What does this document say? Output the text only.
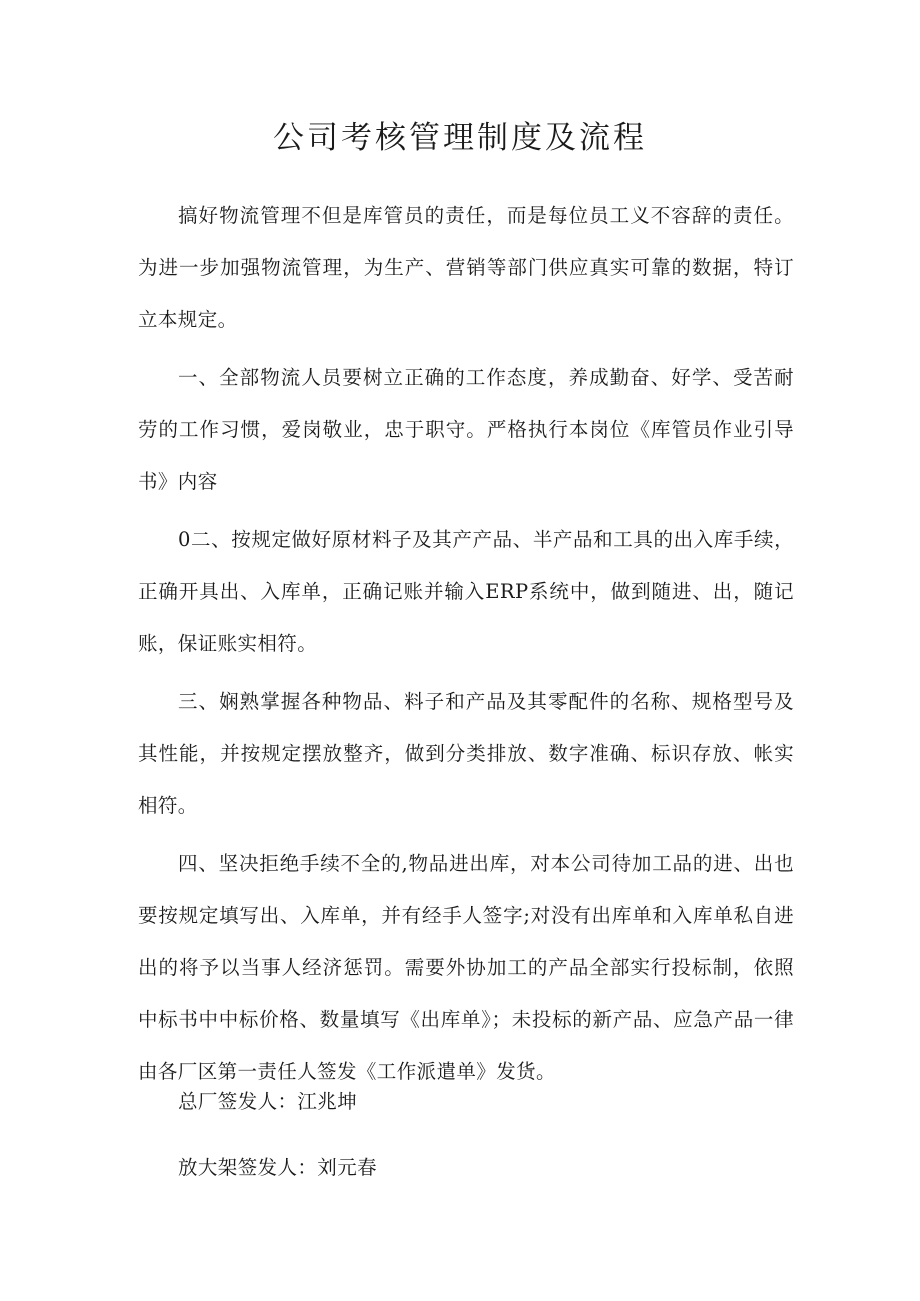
公司考核管理制度及流程

搞好物流管理不但是库管员的责任，而是每位员工义不容辞的责任。为进一步加强物流管理，为生产、营销等部门供应真实可靠的数据，特订立本规定。

一、全部物流人员要树立正确的工作态度，养成勤奋、好学、受苦耐劳的工作习惯，爱岗敬业，忠于职守。严格执行本岗位《库管员作业引导书》内容

0二、按规定做好原材料子及其产产品、半产品和工具的出入库手续，正确开具出、入库单，正确记账并输入ERP系统中，做到随进、出，随记账，保证账实相符。

三、娴熟掌握各种物品、料子和产品及其零配件的名称、规格型号及其性能，并按规定摆放整齐，做到分类排放、数字准确、标识存放、帐实相符。

四、坚决拒绝手续不全的,物品进出库，对本公司待加工品的进、出也要按规定填写出、入库单，并有经手人签字;对没有出库单和入库单私自进出的将予以当事人经济惩罚。需要外协加工的产品全部实行投标制，依照中标书中中标价格、数量填写《出库单》；未投标的新产品、应急产品一律由各厂区第一责任人签发《工作派遣单》发货。

总厂签发人：江兆坤

放大架签发人：刘元春
